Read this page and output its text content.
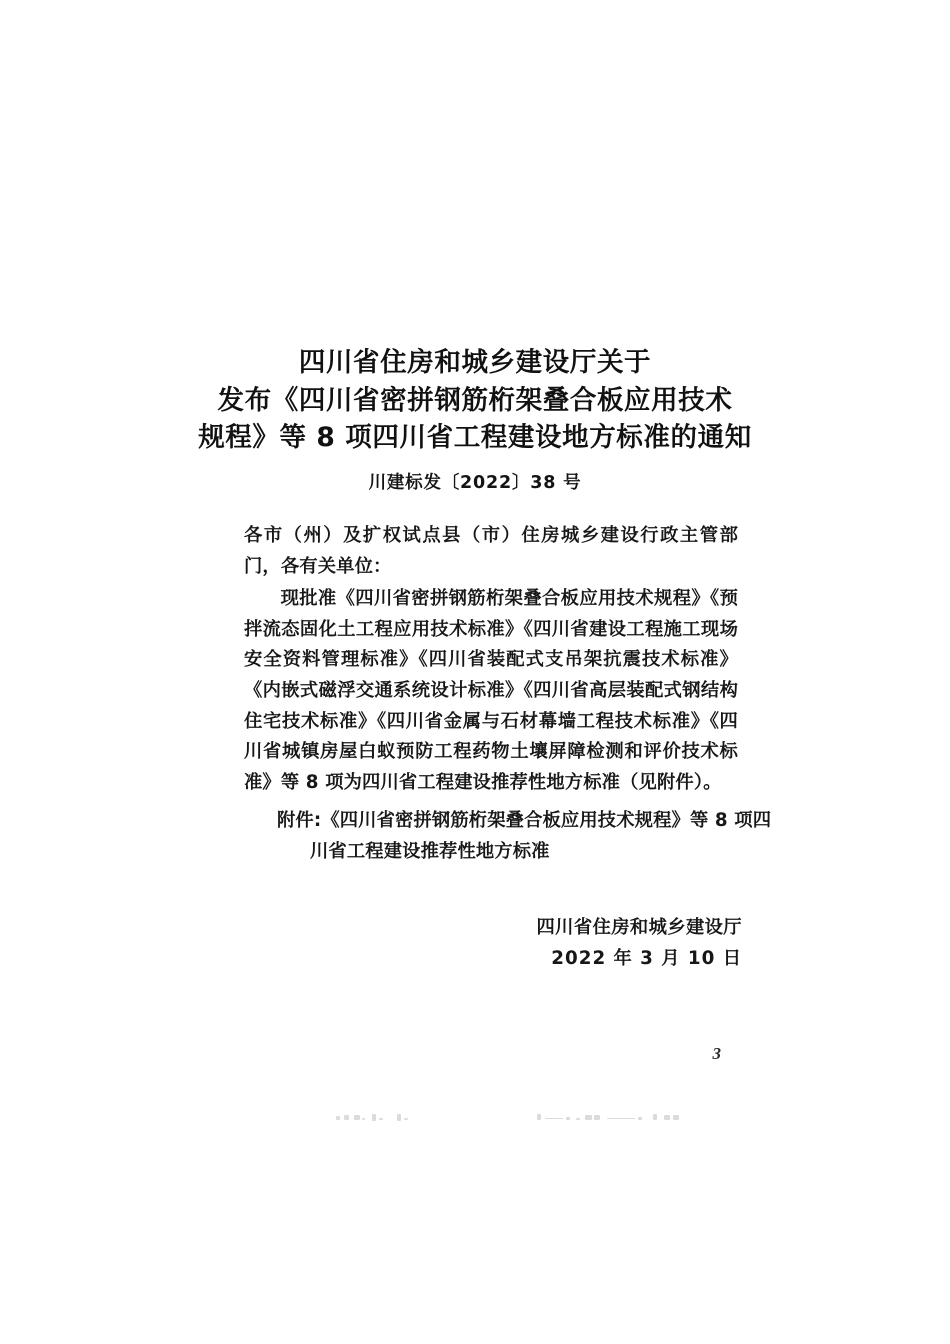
四川省住房和城乡建设厅关于
发布《四川省密拼钢筋桁架叠合板应用技术
规程》等 8 项四川省工程建设地方标准的通知
川建标发〔2022〕38 号

各市（州）及扩权试点县（市）住房城乡建设行政主管部门，各有关单位：

现批准《四川省密拼钢筋桁架叠合板应用技术规程》《预拌流态固化土工程应用技术标准》《四川省建设工程施工现场安全资料管理标准》《四川省装配式支吊架抗震技术标准》《内嵌式磁浮交通系统设计标准》《四川省高层装配式钢结构住宅技术标准》《四川省金属与石材幕墙工程技术标准》《四川省城镇房屋白蚁预防工程药物土壤屏障检测和评价技术标准》等 8 项为四川省工程建设推荐性地方标准（见附件）。

附件:《四川省密拼钢筋桁架叠合板应用技术规程》等 8 项四
川省工程建设推荐性地方标准
四川省住房和城乡建设厅
2022 年 3 月 10 日
3
